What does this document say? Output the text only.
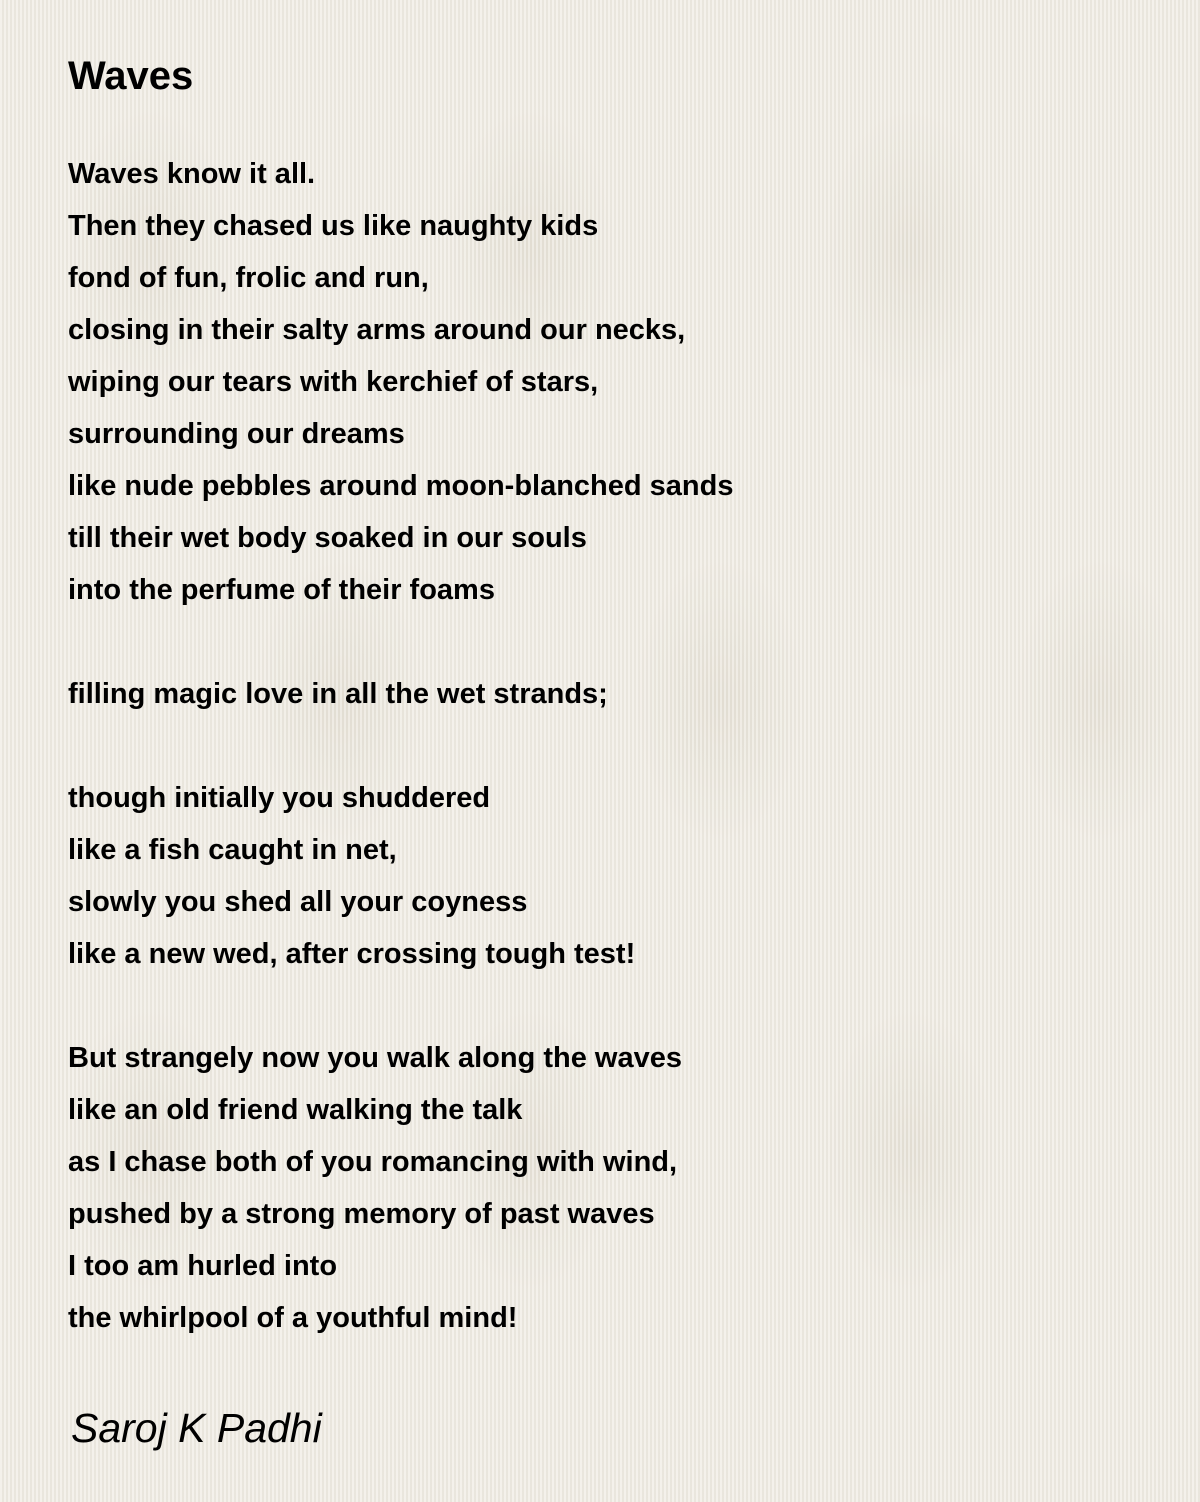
Waves
Waves know it all.
Then they chased us like naughty kids
fond of fun, frolic and run,
closing in their salty arms around our necks,
wiping our tears with kerchief of stars,
surrounding our dreams
like nude pebbles around moon-blanched sands
till their wet body soaked in our souls
into the perfume of their foams
filling magic love in all the wet strands;
though initially you shuddered
like a fish caught in net,
slowly you shed all your coyness
like a new wed, after crossing tough test!
But strangely now you walk along the waves
like an old friend walking the talk
as I chase both of you romancing with wind,
pushed by a strong memory of past waves
I too am hurled into
the whirlpool of a youthful mind!

Saroj K Padhi
